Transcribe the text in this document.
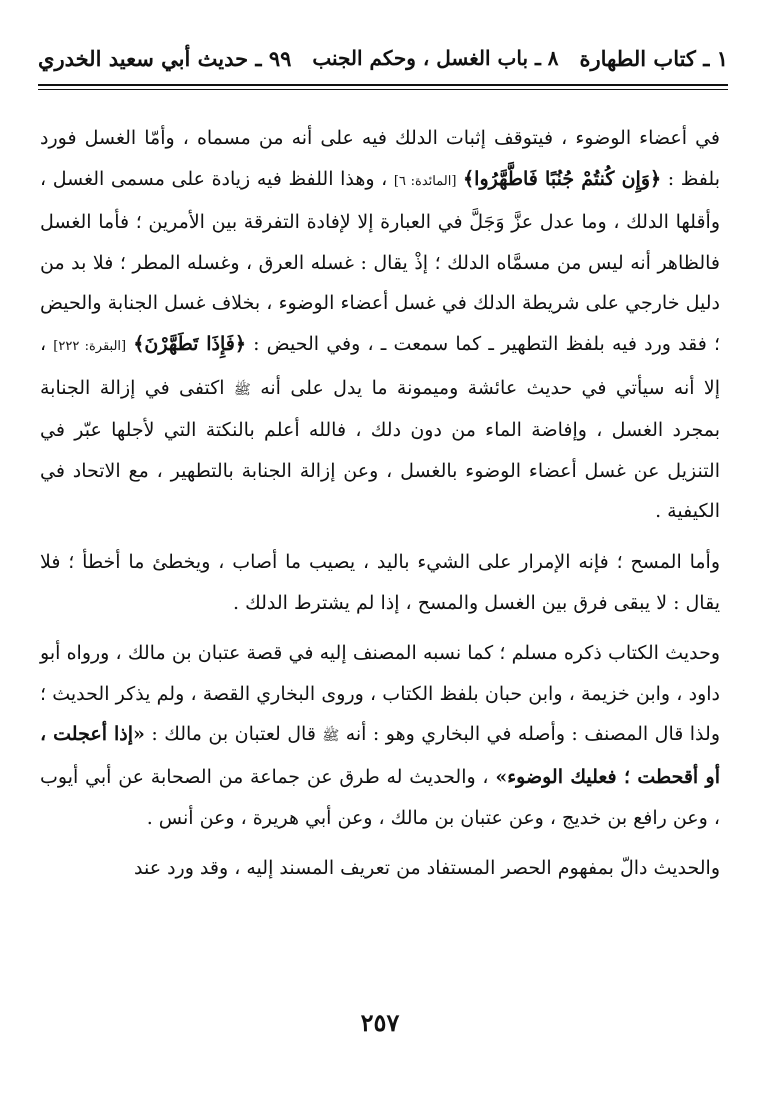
١ ـ كتاب الطهارة
٨ ـ باب الغسل ، وحكم الجنب
٩٩ ـ حديث أبي سعيد الخدري

في أعضاء الوضوء ، فيتوقف إثبات الدلك فيه على أنه من مسماه ، وأمّا الغسل فورد بلفظ : ﴿وَإِن كُنتُمْ جُنُبًا فَاطَّهَّرُوا﴾ [المائدة: ٦] ، وهذا اللفظ فيه زيادة على مسمى الغسل ، وأقلها الدلك ، وما عدل عزَّ وَجَلَّ في العبارة إلا لإفادة التفرقة بين الأمرين ؛ فأما الغسل فالظاهر أنه ليس من مسمَّاه الدلك ؛ إذْ يقال : غسله العرق ، وغسله المطر ؛ فلا بد من دليل خارجي على شريطة الدلك في غسل أعضاء الوضوء ، بخلاف غسل الجنابة والحيض ؛ فقد ورد فيه بلفظ التطهير ـ كما سمعت ـ ، وفي الحيض : ﴿فَإِذَا تَطَهَّرْنَ﴾ [البقرة: ٢٢٢] ، إلا أنه سيأتي في حديث عائشة وميمونة ما يدل على أنه ﷺ اكتفى في إزالة الجنابة بمجرد الغسل ، وإفاضة الماء من دون دلك ، فالله أعلم بالنكتة التي لأجلها عبّر في التنزيل عن غسل أعضاء الوضوء بالغسل ، وعن إزالة الجنابة بالتطهير ، مع الاتحاد في الكيفية .

وأما المسح ؛ فإنه الإمرار على الشيء باليد ، يصيب ما أصاب ، ويخطئ ما أخطأ ؛ فلا يقال : لا يبقى فرق بين الغسل والمسح ، إذا لم يشترط الدلك .

وحديث الكتاب ذكره مسلم ؛ كما نسبه المصنف إليه في قصة عتبان بن مالك ، ورواه أبو داود ، وابن خزيمة ، وابن حبان بلفظ الكتاب ، وروى البخاري القصة ، ولم يذكر الحديث ؛ ولذا قال المصنف : وأصله في البخاري وهو : أنه ﷺ قال لعتبان بن مالك : «إذا أعجلت ، أو أقحطت ؛ فعليك الوضوء» ، والحديث له طرق عن جماعة من الصحابة عن أبي أيوب ، وعن رافع بن خديج ، وعن عتبان بن مالك ، وعن أبي هريرة ، وعن أنس .

والحديث دالّ بمفهوم الحصر المستفاد من تعريف المسند إليه ، وقد ورد عند

٢٥٧
